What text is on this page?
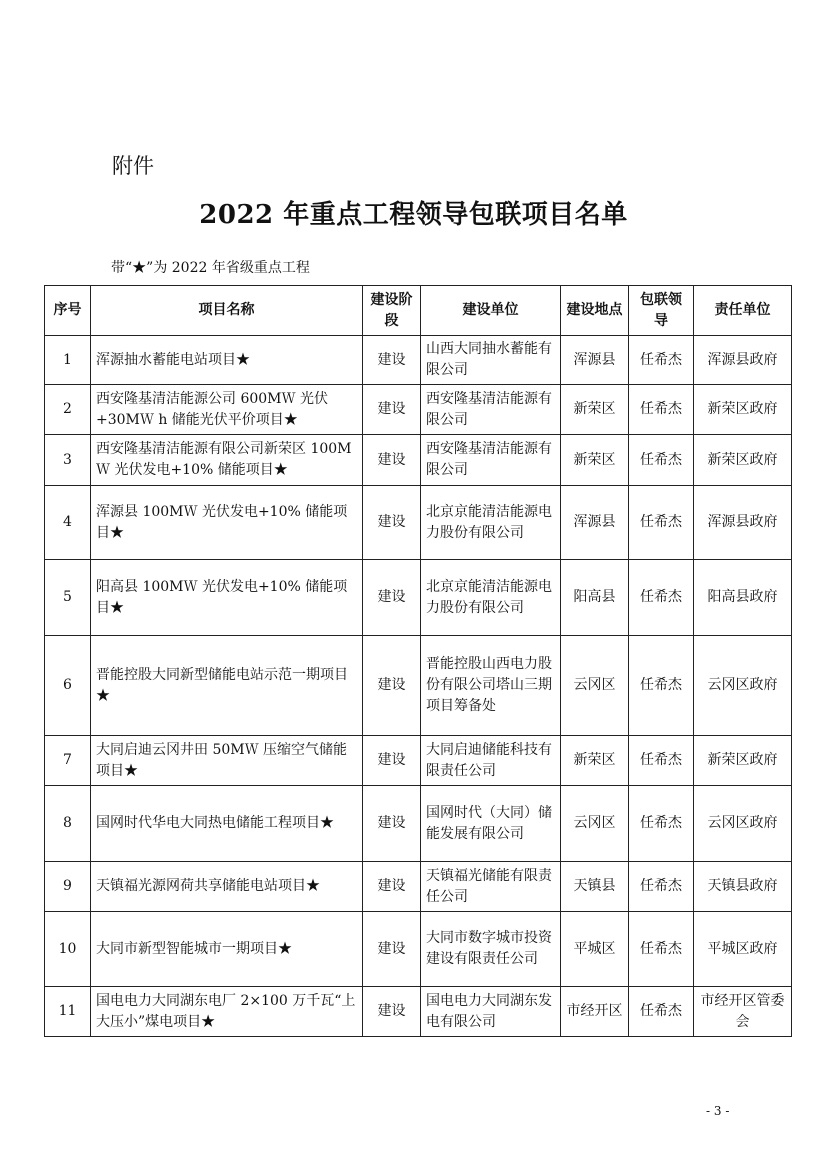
附件
2022 年重点工程领导包联项目名单
带“★”为 2022 年省级重点工程
序号	项目名称	建设阶段	建设单位	建设地点	包联领导	责任单位
1	浑源抽水蓄能电站项目★	建设	山西大同抽水蓄能有限公司	浑源县	任希杰	浑源县政府
2	西安隆基清洁能源公司 600MＷ 光伏+30MＷ h 储能光伏平价项目★	建设	西安隆基清洁能源有限公司	新荣区	任希杰	新荣区政府
3	西安隆基清洁能源有限公司新荣区 100MＷ 光伏发电+10% 储能项目★	建设	西安隆基清洁能源有限公司	新荣区	任希杰	新荣区政府
4	浑源县 100MＷ 光伏发电+10% 储能项目★	建设	北京京能清洁能源电力股份有限公司	浑源县	任希杰	浑源县政府
5	阳高县 100MＷ 光伏发电+10% 储能项目★	建设	北京京能清洁能源电力股份有限公司	阳高县	任希杰	阳高县政府
6	晋能控股大同新型储能电站示范一期项目★	建设	晋能控股山西电力股份有限公司塔山三期项目筹备处	云冈区	任希杰	云冈区政府
7	大同启迪云冈井田 50MＷ 压缩空气储能项目★	建设	大同启迪储能科技有限责任公司	新荣区	任希杰	新荣区政府
8	国网时代华电大同热电储能工程项目★	建设	国网时代（大同）储能发展有限公司	云冈区	任希杰	云冈区政府
9	天镇福光源网荷共享储能电站项目★	建设	天镇福光储能有限责任公司	天镇县	任希杰	天镇县政府
10	大同市新型智能城市一期项目★	建设	大同市数字城市投资建设有限责任公司	平城区	任希杰	平城区政府
11	国电电力大同湖东电厂 2×100 万千瓦“上大压小”煤电项目★	建设	国电电力大同湖东发电有限公司	市经开区	任希杰	市经开区管委会
- 3 -
